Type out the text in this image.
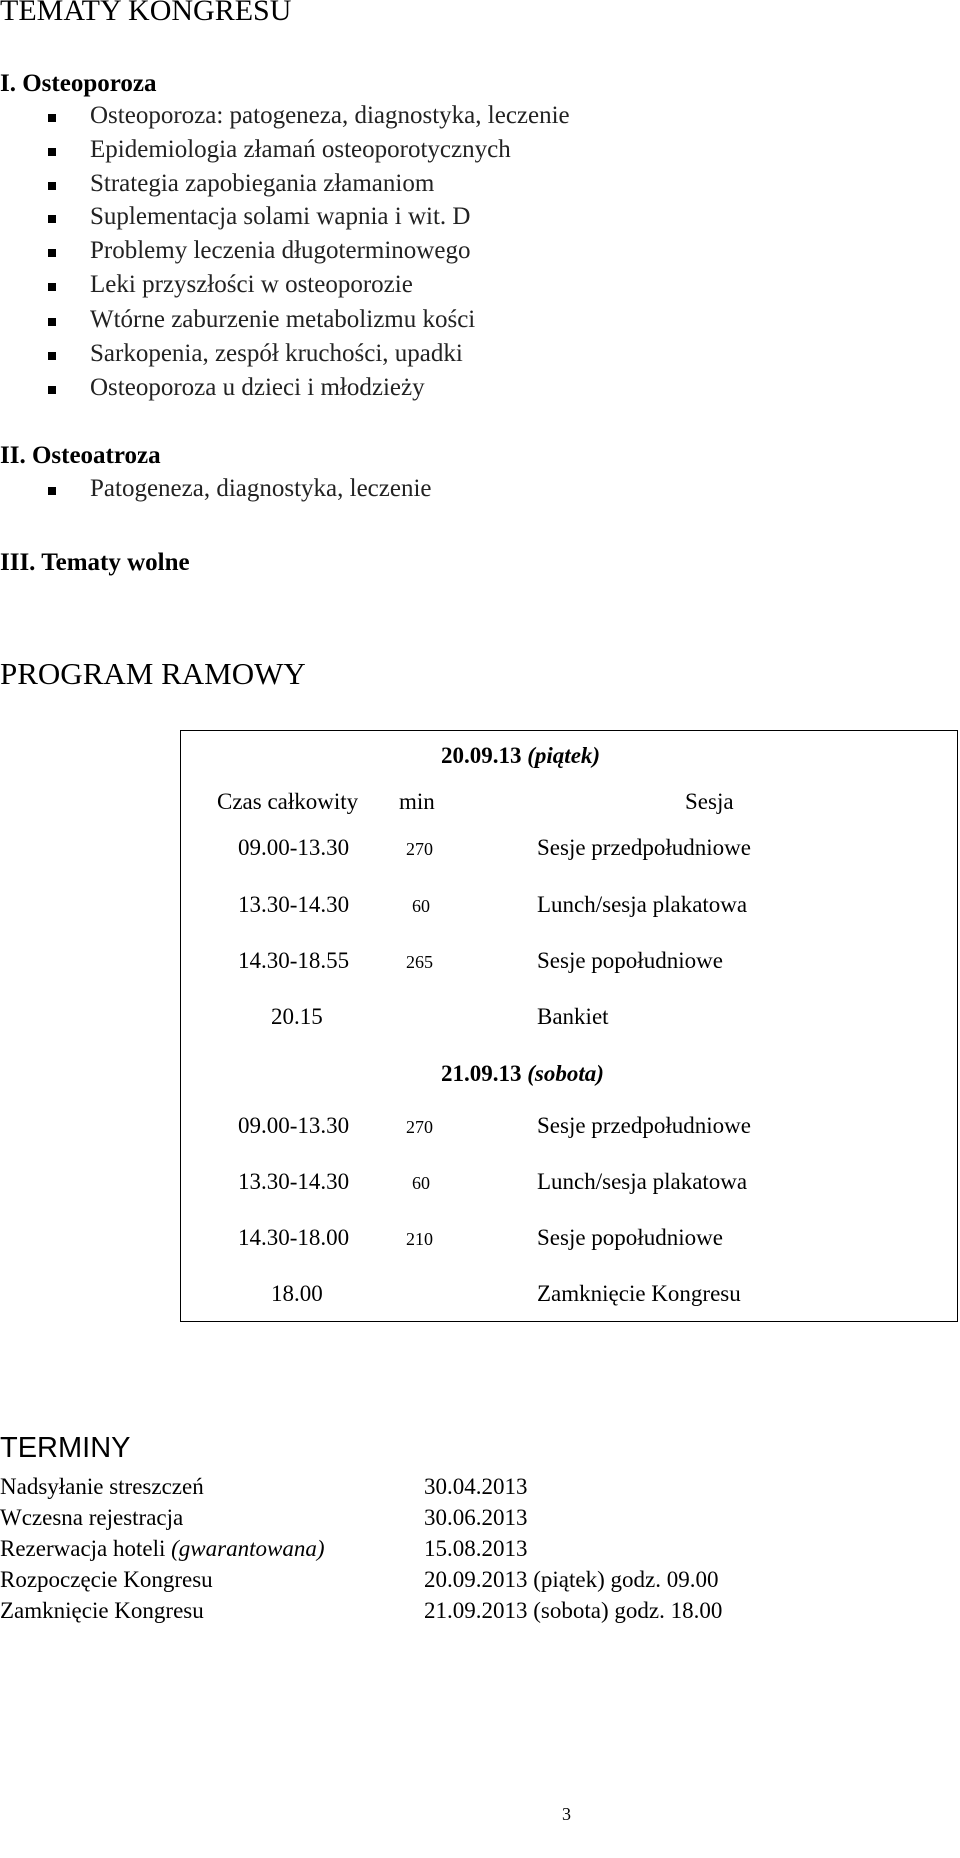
TEMATY KONGRESU
I. Osteoporoza
Osteoporoza: patogeneza, diagnostyka, leczenie
Epidemiologia złamań osteoporotycznych
Strategia zapobiegania złamaniom
Suplementacja solami wapnia i wit. D
Problemy leczenia długoterminowego
Leki przyszłości w osteoporozie
Wtórne zaburzenie metabolizmu kości
Sarkopenia, zespół kruchości, upadki
Osteoporoza u dzieci i młodzieży
II. Osteoatroza
Patogeneza, diagnostyka, leczenie
III. Tematy wolne
PROGRAM RAMOWY
20.09.13 (piątek)
Czas całkowity min	Sesja
09.00-13.30	270	Sesje przedpołudniowe
13.30-14.30	60	Lunch/sesja plakatowa
14.30-18.55	265	Sesje popołudniowe
20.15	Bankiet
21.09.13 (sobota)
09.00-13.30	270	Sesje przedpołudniowe
13.30-14.30	60	Lunch/sesja plakatowa
14.30-18.00	210	Sesje popołudniowe
18.00	Zamknięcie Kongresu
TERMINY
Nadsyłanie streszczeń	30.04.2013
Wczesna rejestracja	30.06.2013
Rezerwacja hoteli (gwarantowana)	15.08.2013
Rozpoczęcie Kongresu	20.09.2013 (piątek) godz. 09.00
Zamknięcie Kongresu	21.09.2013 (sobota) godz. 18.00
3
